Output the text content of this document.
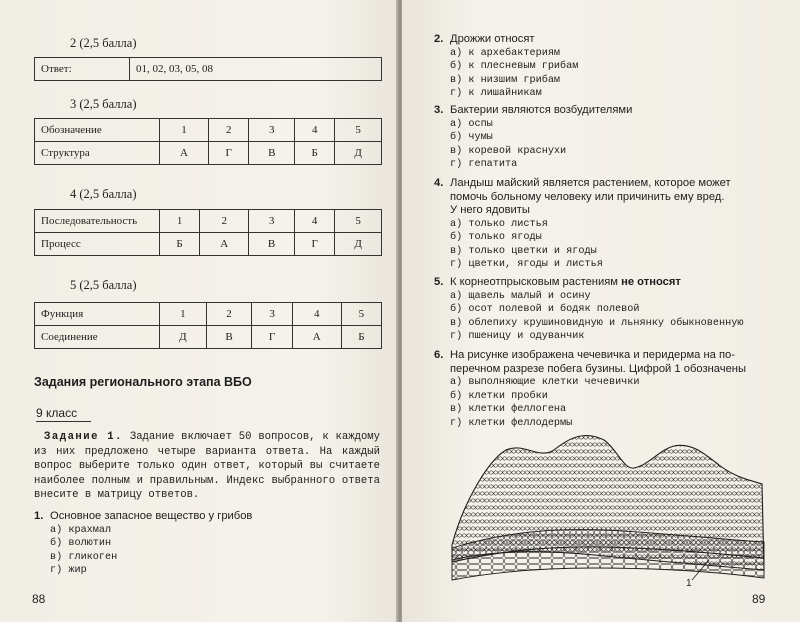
2 (2,5 балла)
Ответ:	01, 02, 03, 05, 08
3 (2,5 балла)
Обозначение	1	2	3	4	5
Структура	А	Г	В	Б	Д
4 (2,5 балла)
Последовательность	1	2	3	4	5
Процесс	Б	А	В	Г	Д
5 (2,5 балла)
Функция	1	2	3	4	5
Соединение	Д	В	Г	А	Б
Задания регионального этапа ВБО
9 класс
Задание 1. Задание включает 50 вопросов, к каждому из них предложено четыре варианта ответа. На каждый вопрос выберите только один ответ, который вы считаете наиболее полным и правильным. Индекс выбранного ответа внесите в матрицу ответов.
1. Основное запасное вещество у грибов
а) крахмал
б) волютин
в) гликоген
г) жир
88
2. Дрожжи относят
а) к архебактериям
б) к плесневым грибам
в) к низшим грибам
г) к лишайникам
3. Бактерии являются возбудителями
а) оспы
б) чумы
в) коревой краснухи
г) гепатита
4. Ландыш майский является растением, которое может
помочь больному человеку или причинить ему вред.
У него ядовиты
а) только листья
б) только ягоды
в) только цветки и ягоды
г) цветки, ягоды и листья
5. К корнеотпрысковым растениям не относят
а) щавель малый и осину
б) осот полевой и бодяк полевой
в) облепиху крушиновидную и льнянку обыкновенную
г) пшеницу и одуванчик
6. На рисунке изображена чечевичка и перидерма на по-
перечном разрезе побега бузины. Цифрой 1 обозначены
а) выполняющие клетки чечевички
б) клетки пробки
в) клетки феллогена
г) клетки феллодермы
1
89
